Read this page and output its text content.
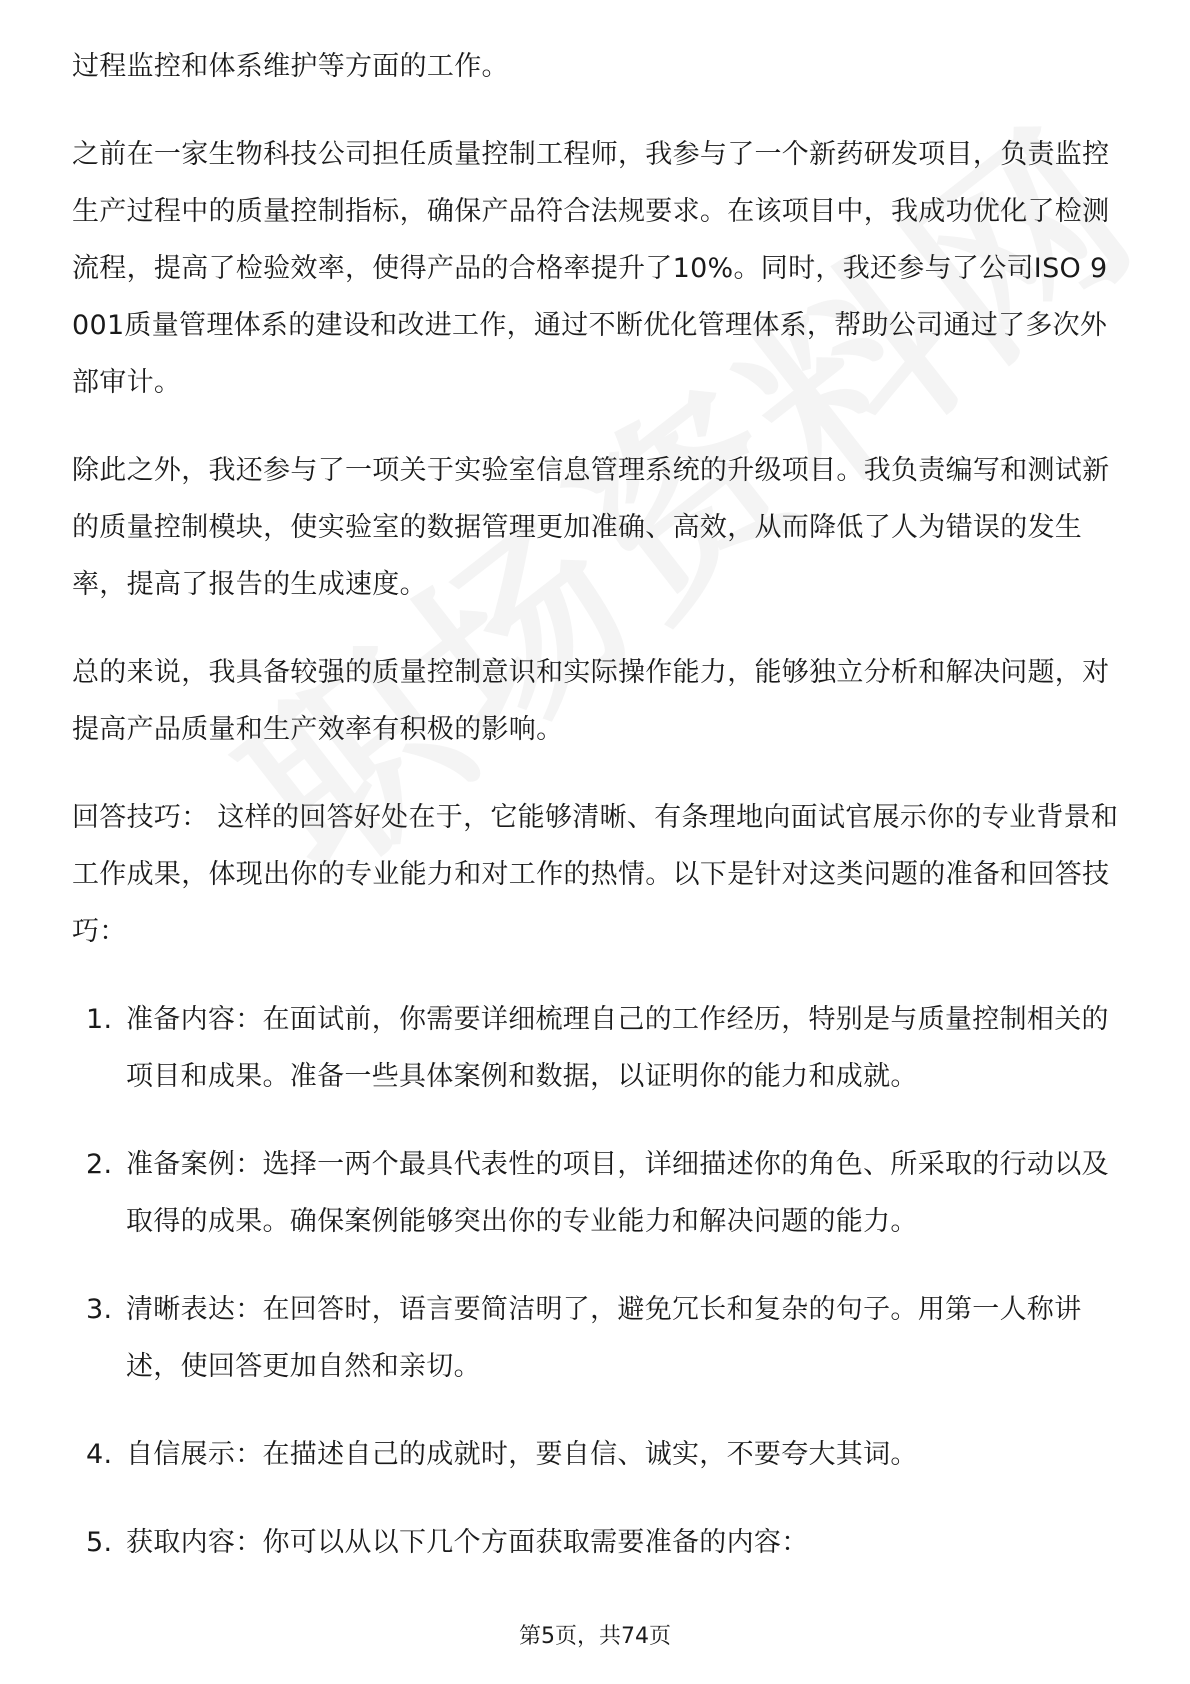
过程监控和体系维护等方面的工作。

之前在一家生物科技公司担任质量控制工程师，我参与了一个新药研发项目，负责监控生产过程中的质量控制指标，确保产品符合法规要求。在该项目中，我成功优化了检测流程，提高了检验效率，使得产品的合格率提升了10%。同时，我还参与了公司ISO 9001质量管理体系的建设和改进工作，通过不断优化管理体系，帮助公司通过了多次外部审计。

除此之外，我还参与了一项关于实验室信息管理系统的升级项目。我负责编写和测试新的质量控制模块，使实验室的数据管理更加准确、高效，从而降低了人为错误的发生率，提高了报告的生成速度。

总的来说，我具备较强的质量控制意识和实际操作能力，能够独立分析和解决问题，对提高产品质量和生产效率有积极的影响。

回答技巧： 这样的回答好处在于，它能够清晰、有条理地向面试官展示你的专业背景和工作成果，体现出你的专业能力和对工作的热情。以下是针对这类问题的准备和回答技巧：

1. 准备内容：在面试前，你需要详细梳理自己的工作经历，特别是与质量控制相关的项目和成果。准备一些具体案例和数据，以证明你的能力和成就。
2. 准备案例：选择一两个最具代表性的项目，详细描述你的角色、所采取的行动以及取得的成果。确保案例能够突出你的专业能力和解决问题的能力。
3. 清晰表达：在回答时，语言要简洁明了，避免冗长和复杂的句子。用第一人称讲述，使回答更加自然和亲切。
4. 自信展示：在描述自己的成就时，要自信、诚实，不要夸大其词。
5. 获取内容：你可以从以下几个方面获取需要准备的内容：
第5页，共74页
